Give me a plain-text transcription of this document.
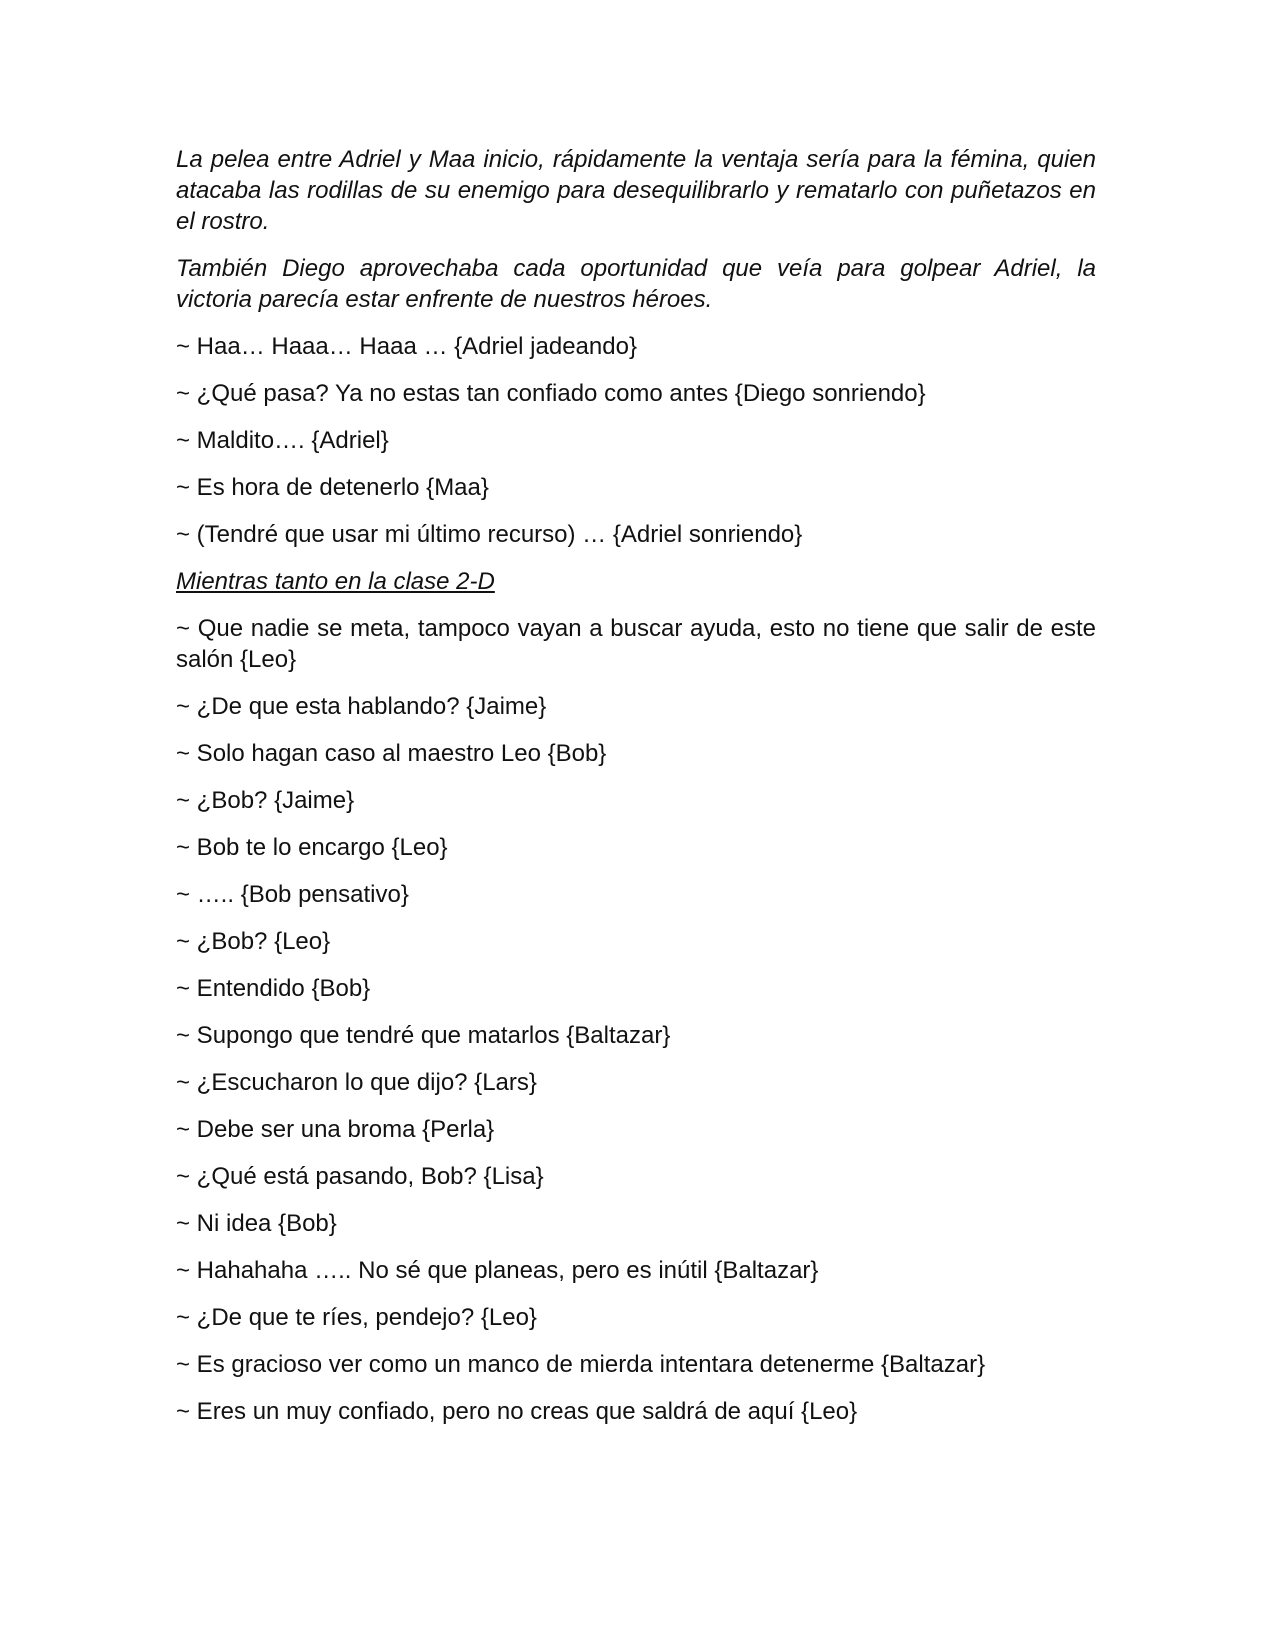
La pelea entre Adriel y Maa inicio, rápidamente la ventaja sería para la fémina, quien atacaba las rodillas de su enemigo para desequilibrarlo y rematarlo con puñetazos en el rostro.

También Diego aprovechaba cada oportunidad que veía para golpear Adriel, la victoria parecía estar enfrente de nuestros héroes.

~ Haa… Haaa… Haaa … {Adriel jadeando}

~ ¿Qué pasa? Ya no estas tan confiado como antes {Diego sonriendo}

~ Maldito…. {Adriel}

~ Es hora de detenerlo {Maa}

~ (Tendré que usar mi último recurso) … {Adriel sonriendo}

Mientras tanto en la clase 2-D

~ Que nadie se meta, tampoco vayan a buscar ayuda, esto no tiene que salir de este salón {Leo}

~ ¿De que esta hablando? {Jaime}

~ Solo hagan caso al maestro Leo {Bob}

~ ¿Bob? {Jaime}

~ Bob te lo encargo {Leo}

~ ….. {Bob pensativo}

~ ¿Bob? {Leo}

~ Entendido {Bob}

~ Supongo que tendré que matarlos {Baltazar}

~ ¿Escucharon lo que dijo? {Lars}

~ Debe ser una broma {Perla}

~ ¿Qué está pasando, Bob? {Lisa}

~ Ni idea {Bob}

~ Hahahaha ….. No sé que planeas, pero es inútil {Baltazar}

~ ¿De que te ríes, pendejo? {Leo}

~ Es gracioso ver como un manco de mierda intentara detenerme {Baltazar}

~ Eres un muy confiado, pero no creas que saldrá de aquí {Leo}
